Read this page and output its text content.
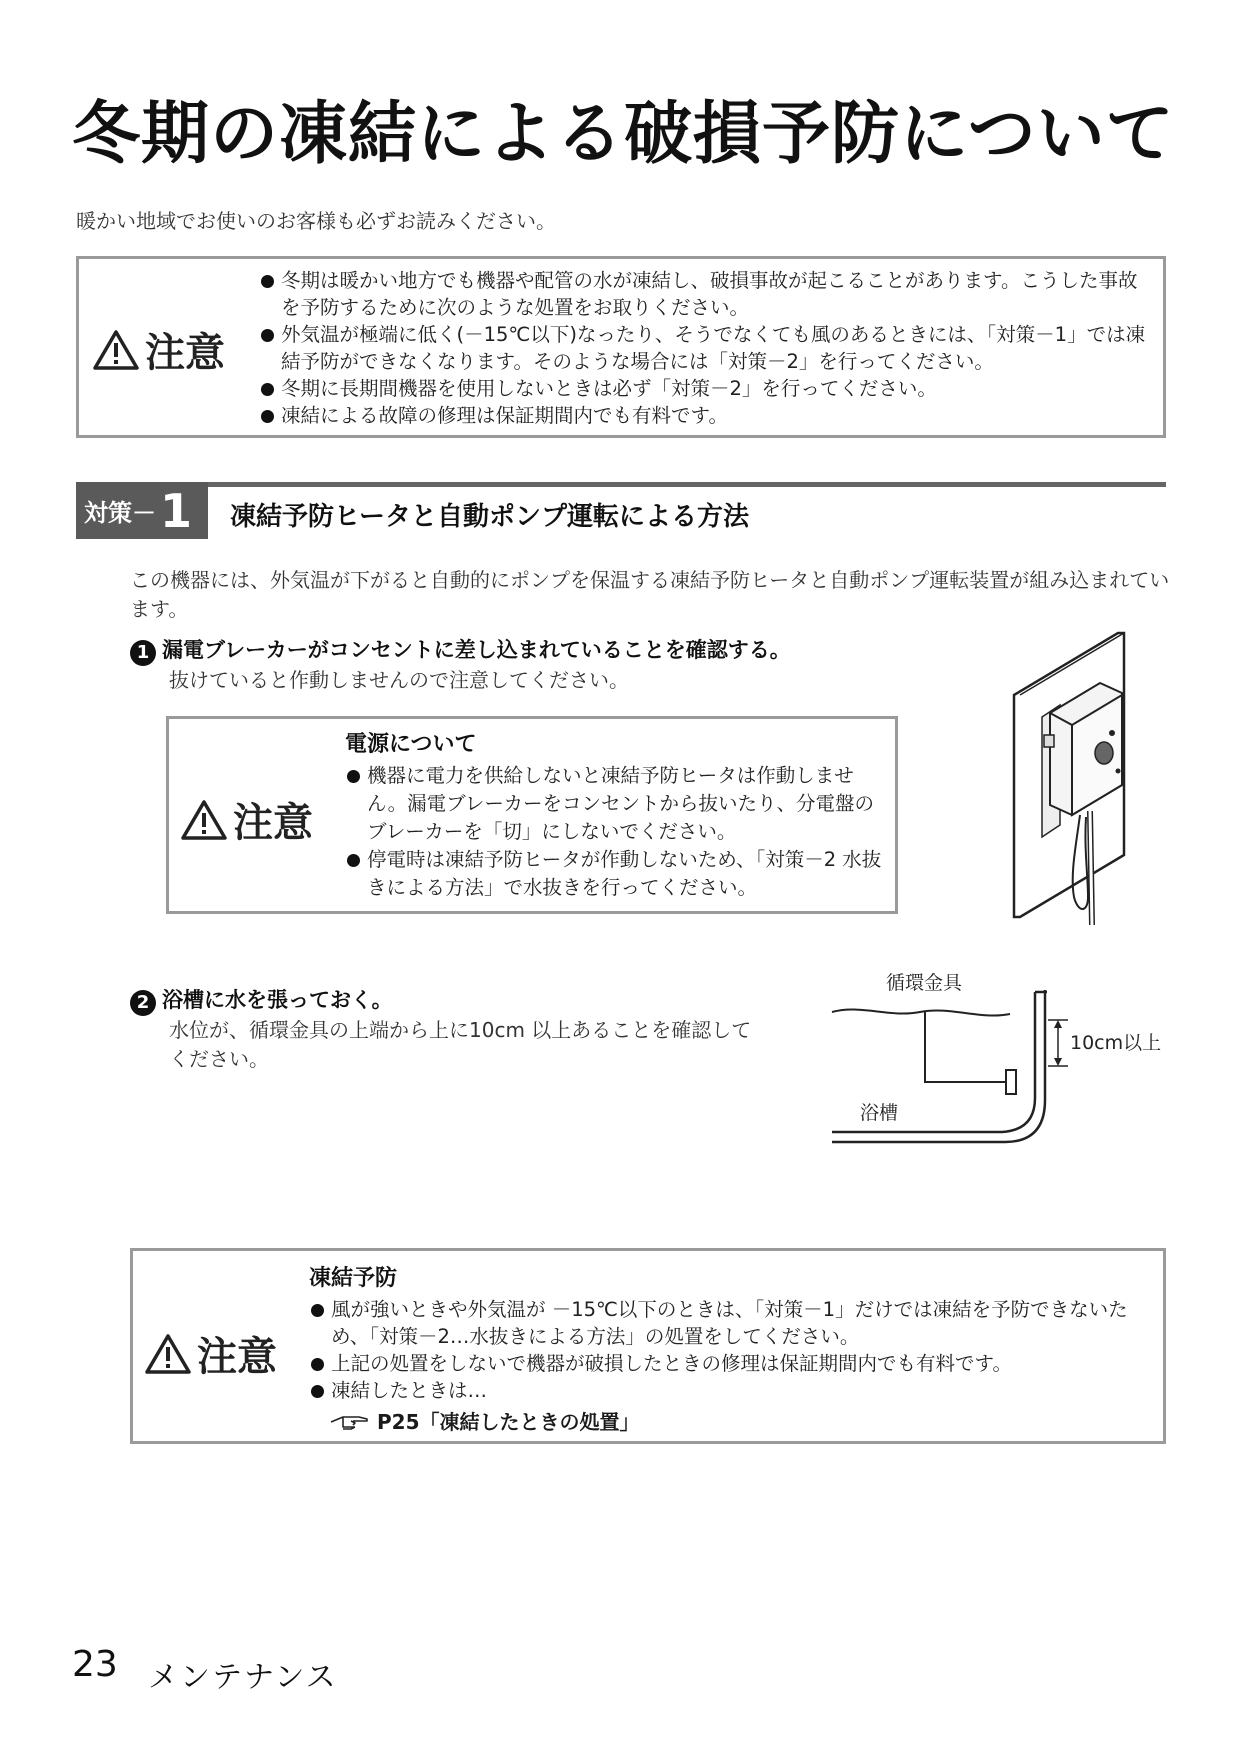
冬期の凍結による破損予防について
暖かい地域でお使いのお客様も必ずお読みください。
注意
冬期は暖かい地方でも機器や配管の水が凍結し、破損事故が起こることがあります。こうした事故を予防するために次のような処置をお取りください。
外気温が極端に低く(－15℃以下)なったり、そうでなくても風のあるときには、「対策－1」では凍結予防ができなくなります。そのような場合には「対策－2」を行ってください。
冬期に長期間機器を使用しないときは必ず「対策－2」を行ってください。
凍結による故障の修理は保証期間内でも有料です。
対策－ 1 凍結予防ヒータと自動ポンプ運転による方法
この機器には、外気温が下がると自動的にポンプを保温する凍結予防ヒータと自動ポンプ運転装置が組み込まれています。
1 漏電ブレーカーがコンセントに差し込まれていることを確認する。
抜けていると作動しませんので注意してください。
注意
電源について
機器に電力を供給しないと凍結予防ヒータは作動しません。漏電ブレーカーをコンセントから抜いたり、分電盤のブレーカーを「切」にしないでください。
停電時は凍結予防ヒータが作動しないため、「対策－2 水抜きによる方法」で水抜きを行ってください。
2 浴槽に水を張っておく。
水位が、循環金具の上端から上に10cm 以上あることを確認してください。
循環金具
10cm以上
浴槽
注意
凍結予防
風が強いときや外気温が －15℃以下のときは、「対策－1」だけでは凍結を予防できないため、「対策－2…水抜きによる方法」の処置をしてください。
上記の処置をしないで機器が破損したときの修理は保証期間内でも有料です。
凍結したときは…
P25「凍結したときの処置」
23 メンテナンス
